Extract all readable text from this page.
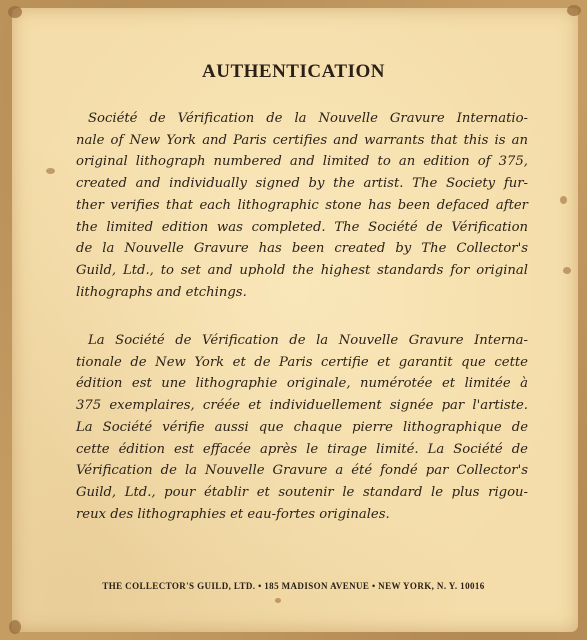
AUTHENTICATION

Société de Vérification de la Nouvelle Gravure Internatio-
nale of New York and Paris certifies and warrants that this is an
original lithograph numbered and limited to an edition of 375,
created and individually signed by the artist. The Society fur-
ther verifies that each lithographic stone has been defaced after
the limited edition was completed. The Société de Vérification
de la Nouvelle Gravure has been created by The Collector's
Guild, Ltd., to set and uphold the highest standards for original
lithographs and etchings.

La Société de Vérification de la Nouvelle Gravure Interna-
tionale de New York et de Paris certifie et garantit que cette
édition est une lithographie originale, numérotée et limitée à
375 exemplaires, créée et individuellement signée par l'artiste.
La Société vérifie aussi que chaque pierre lithographique de
cette édition est effacée après le tirage limité. La Société de
Vérification de la Nouvelle Gravure a été fondé par Collector's
Guild, Ltd., pour établir et soutenir le standard le plus rigou-
reux des lithographies et eau-fortes originales.

THE COLLECTOR'S GUILD, LTD. • 185 MADISON AVENUE • NEW YORK, N. Y. 10016
